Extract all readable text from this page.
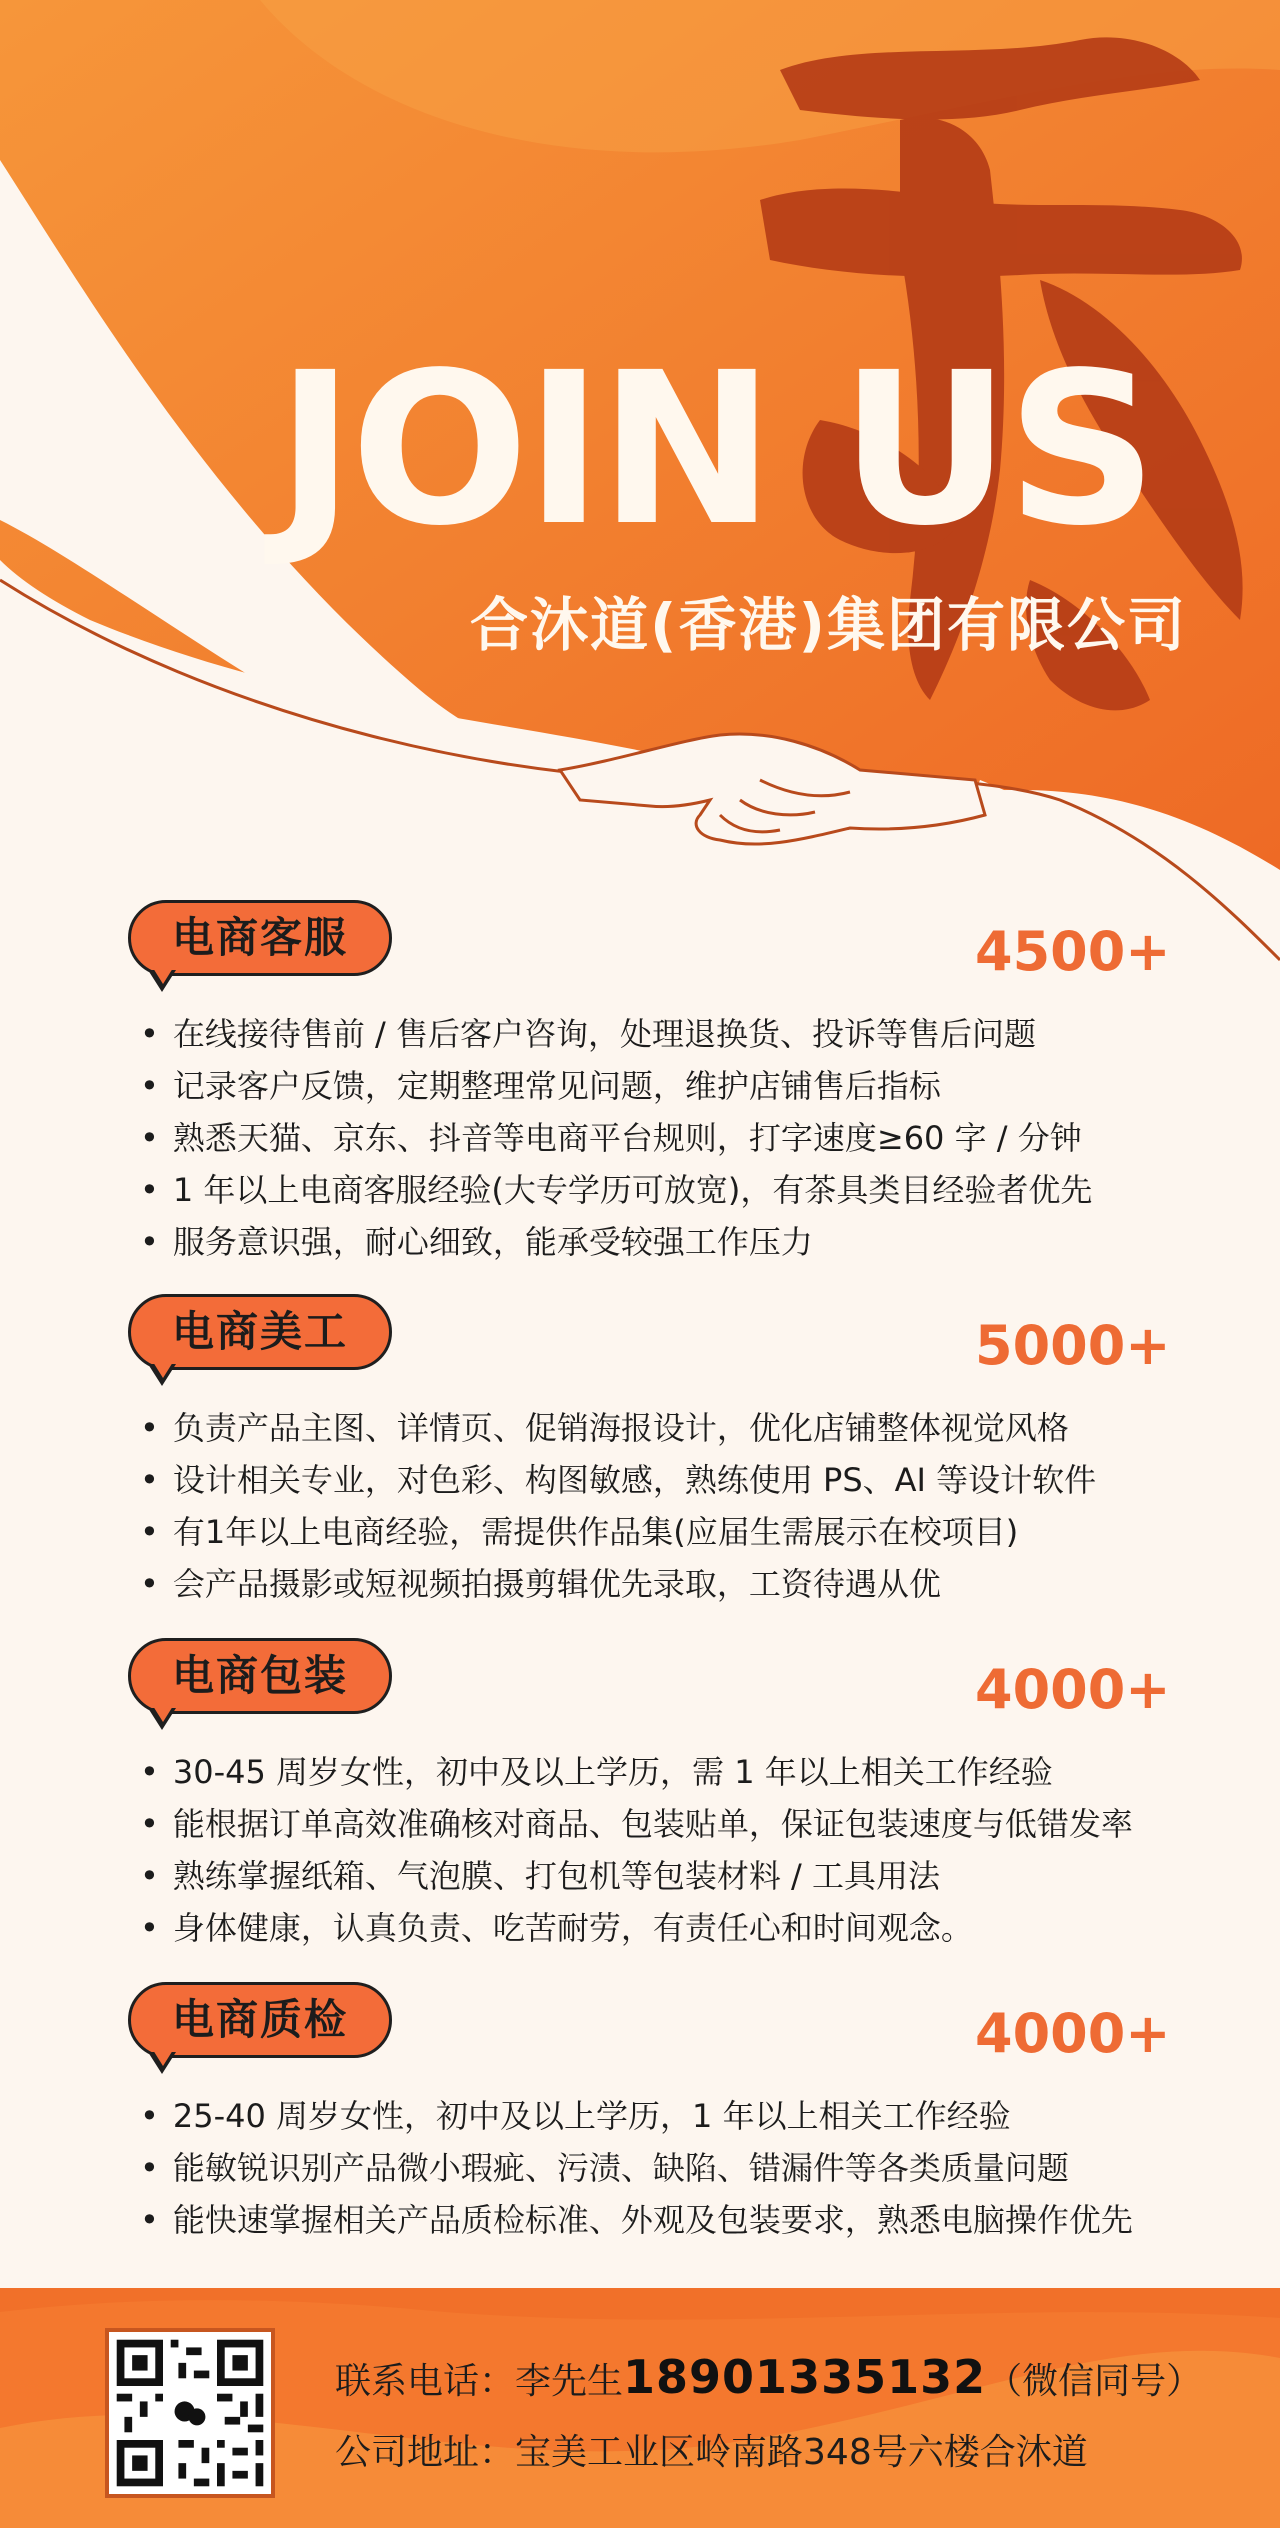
JOIN US
合沐道(香港)集团有限公司
电商客服	4500+
• 在线接待售前 / 售后客户咨询，处理退换货、投诉等售后问题
• 记录客户反馈，定期整理常见问题，维护店铺售后指标
• 熟悉天猫、京东、抖音等电商平台规则，打字速度≥60 字 / 分钟
• 1 年以上电商客服经验(大专学历可放宽)，有茶具类目经验者优先
• 服务意识强，耐心细致，能承受较强工作压力
电商美工	5000+
• 负责产品主图、详情页、促销海报设计，优化店铺整体视觉风格
• 设计相关专业，对色彩、构图敏感，熟练使用 PS、AI 等设计软件
• 有1年以上电商经验，需提供作品集(应届生需展示在校项目)
• 会产品摄影或短视频拍摄剪辑优先录取，工资待遇从优
电商包装	4000+
• 30-45 周岁女性，初中及以上学历，需 1 年以上相关工作经验
• 能根据订单高效准确核对商品、包装贴单，保证包装速度与低错发率
• 熟练掌握纸箱、气泡膜、打包机等包装材料 / 工具用法
• 身体健康，认真负责、吃苦耐劳，有责任心和时间观念。
电商质检	4000+
• 25-40 周岁女性，初中及以上学历，1 年以上相关工作经验
• 能敏锐识别产品微小瑕疵、污渍、缺陷、错漏件等各类质量问题
• 能快速掌握相关产品质检标准、外观及包装要求，熟悉电脑操作优先
联系电话：李先生18901335132（微信同号）
公司地址：宝美工业区岭南路348号六楼合沐道
